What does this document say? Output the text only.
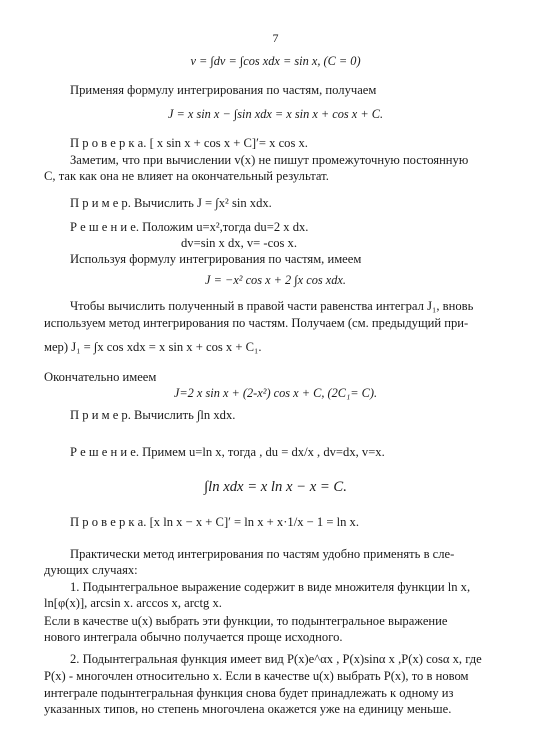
7
v = ∫dv = ∫cos xdx = sin x, (C = 0)
Применяя формулу интегрирования по частям, получаем
J = x sin x − ∫sin xdx = x sin x + cos x + C.
П р о в е р к а. [ x sin x + cos x + C]′= x cos x.
Заметим, что при вычислении v(x) не пишут промежуточную постоянную
C, так как она не влияет на окончательный результат.
П р и м е р. Вычислить J = ∫x² sin xdx.
Р е ш е н и е. Положим u=x²,тогда du=2 x dx.
dv=sin x dx, v= -cos x.
Используя формулу интегрирования по частям, имеем
J = −x² cos x + 2 ∫x cos xdx.
Чтобы вычислить полученный в правой части равенства интеграл J₁, вновь
используем метод интегрирования по частям. Получаем (см. предыдущий при-
мер) J₁ = ∫x cos xdx = x sin x + cos x + C₁.
Окончательно имеем
J=2 x sin x + (2-x²) cos x + C, (2C₁= C).
П р и м е р. Вычислить ∫ln xdx.
Р е ш е н и е. Примем u=ln x, тогда , du = dx/x , dv=dx, v=x.
∫ln xdx = x ln x − x = C.
П р о в е р к а. [x ln x − x + C]′ = ln x + x·1/x − 1 = ln x.
Практически метод интегрирования по частям удобно применять в сле-
дующих случаях:
1. Подынтегральное выражение содержит в виде множителя функции ln x,
ln[φ(x)], arcsin x. arccos x, arctg x.
Если в качестве u(x) выбрать эти функции, то подынтегральное выражение
нового интеграла обычно получается проще исходного.
2. Подынтегральная функция имеет вид P(x)e^αx , P(x)sinα x ,P(x) cosα x, где
P(x) - многочлен относительно x. Если в качестве u(x) выбрать P(x), то в новом
интеграле подынтегральная функция снова будет принадлежать к одному из
указанных типов, но степень многочлена окажется уже на единицу меньше.
